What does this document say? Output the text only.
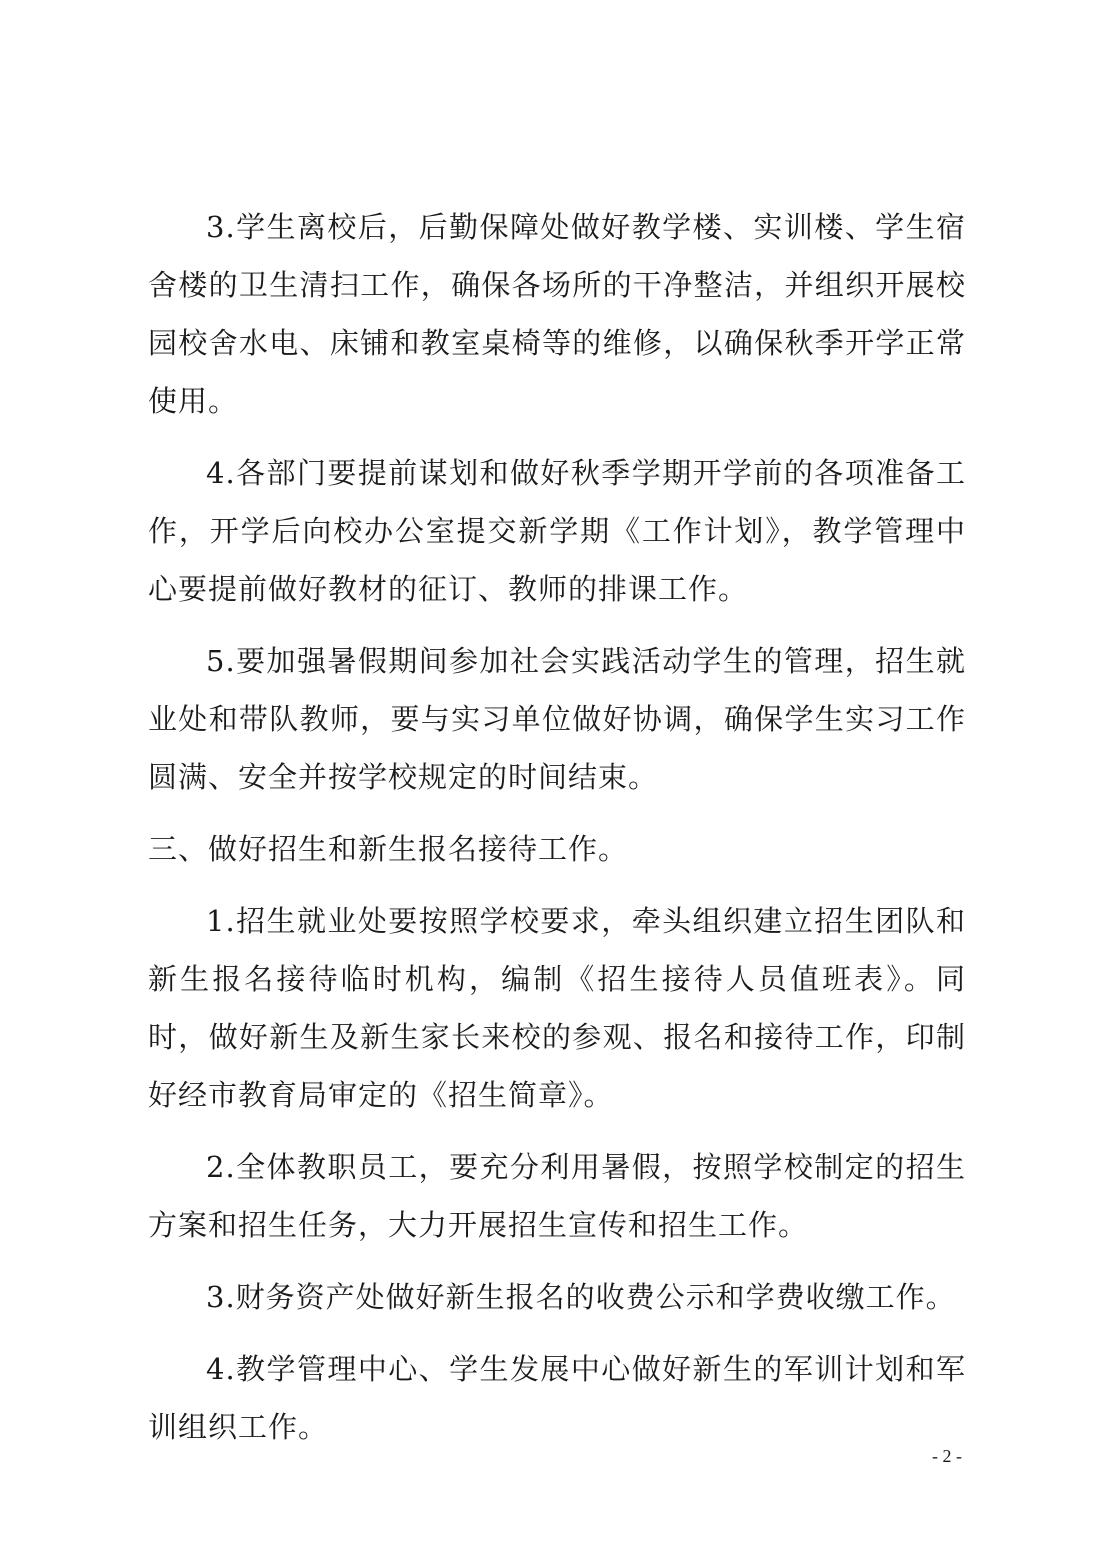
3.学生离校后，后勤保障处做好教学楼、实训楼、学生宿舍楼的卫生清扫工作，确保各场所的干净整洁，并组织开展校园校舍水电、床铺和教室桌椅等的维修，以确保秋季开学正常使用。

4.各部门要提前谋划和做好秋季学期开学前的各项准备工作，开学后向校办公室提交新学期《工作计划》，教学管理中心要提前做好教材的征订、教师的排课工作。

5.要加强暑假期间参加社会实践活动学生的管理，招生就业处和带队教师，要与实习单位做好协调，确保学生实习工作圆满、安全并按学校规定的时间结束。

三、做好招生和新生报名接待工作。

1.招生就业处要按照学校要求，牵头组织建立招生团队和新生报名接待临时机构，编制《招生接待人员值班表》。同时，做好新生及新生家长来校的参观、报名和接待工作，印制好经市教育局审定的《招生简章》。

2.全体教职员工，要充分利用暑假，按照学校制定的招生方案和招生任务，大力开展招生宣传和招生工作。

3.财务资产处做好新生报名的收费公示和学费收缴工作。

4.教学管理中心、学生发展中心做好新生的军训计划和军训组织工作。

- 2 -
